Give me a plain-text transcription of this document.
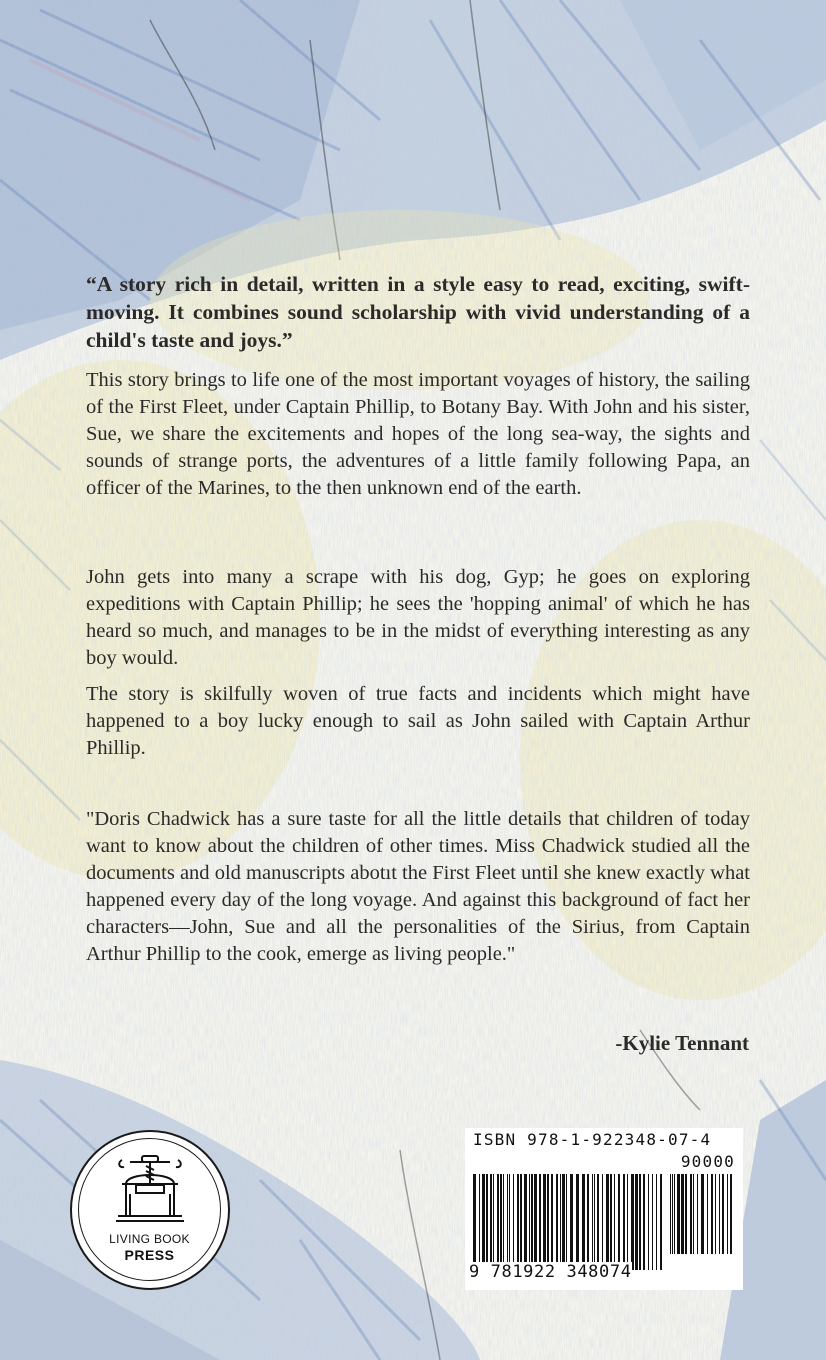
“A story rich in detail, written in a style easy to read, exciting, swift-moving. It combines sound scholarship with vivid understanding of a child's taste and joys.”

This story brings to life one of the most important voyages of history, the sailing of the First Fleet, under Captain Phillip, to Botany Bay. With John and his sister, Sue, we share the excitements and hopes of the long sea-way, the sights and sounds of strange ports, the adventures of a little family following Papa, an officer of the Marines, to the then unknown end of the earth.

John gets into many a scrape with his dog, Gyp; he goes on exploring expeditions with Captain Phillip; he sees the 'hopping animal' of which he has heard so much, and manages to be in the midst of everything interesting as any boy would.

The story is skilfully woven of true facts and incidents which might have happened to a boy lucky enough to sail as John sailed with Captain Arthur Phillip.

"Doris Chadwick has a sure taste for all the little details that children of today want to know about the children of other times. Miss Chadwick studied all the documents and old manuscripts abotıt the First Fleet until she knew exactly what happened every day of the long voyage. And against this background of fact her characters—John, Sue and all the personalities of the Sirius, from Captain Arthur Phillip to the cook, emerge as living people."

-Kylie Tennant
LIVING BOOK
PRESS
ISBN 978-1-922348-07-4
90000
9 781922 348074
